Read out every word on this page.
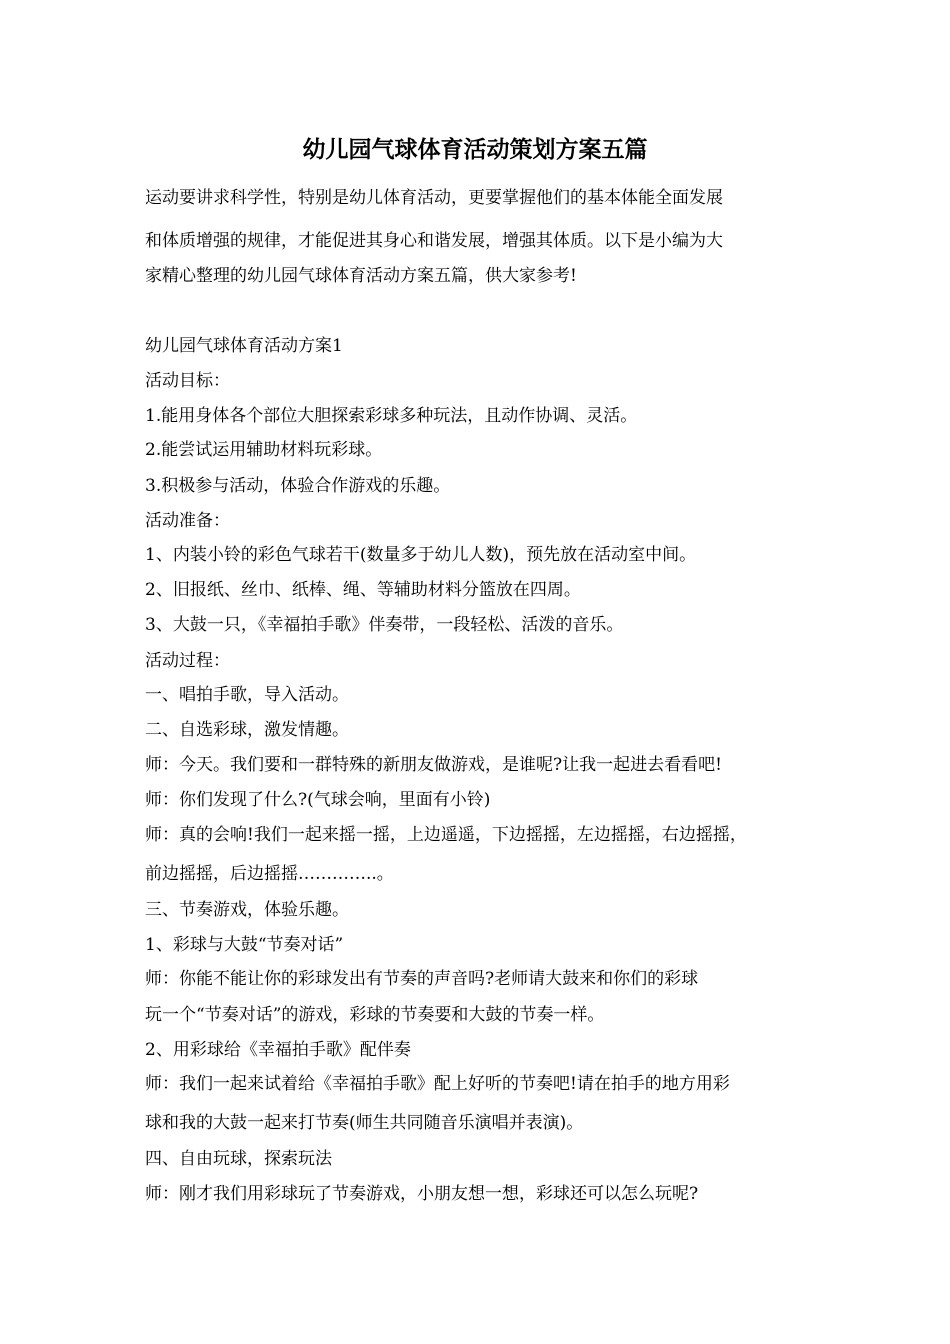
幼儿园气球体育活动策划方案五篇
运动要讲求科学性，特别是幼儿体育活动，更要掌握他们的基本体能全面发展
和体质增强的规律，才能促进其身心和谐发展，增强其体质。以下是小编为大
家精心整理的幼儿园气球体育活动方案五篇，供大家参考!
幼儿园气球体育活动方案1
活动目标：
1.能用身体各个部位大胆探索彩球多种玩法，且动作协调、灵活。
2.能尝试运用辅助材料玩彩球。
3.积极参与活动，体验合作游戏的乐趣。
活动准备：
1、内装小铃的彩色气球若干(数量多于幼儿人数)，预先放在活动室中间。
2、旧报纸、丝巾、纸棒、绳、等辅助材料分篮放在四周。
3、大鼓一只，《幸福拍手歌》伴奏带，一段轻松、活泼的音乐。
活动过程：
一、唱拍手歌，导入活动。
二、自选彩球，激发情趣。
师：今天。我们要和一群特殊的新朋友做游戏，是谁呢?让我一起进去看看吧!
师：你们发现了什么?(气球会响，里面有小铃)
师：真的会响!我们一起来摇一摇，上边遥遥，下边摇摇，左边摇摇，右边摇摇，
前边摇摇，后边摇摇…………..。
三、节奏游戏，体验乐趣。
1、彩球与大鼓“节奏对话”
师：你能不能让你的彩球发出有节奏的声音吗?老师请大鼓来和你们的彩球
玩一个“节奏对话”的游戏，彩球的节奏要和大鼓的节奏一样。
2、用彩球给《幸福拍手歌》配伴奏
师：我们一起来试着给《幸福拍手歌》配上好听的节奏吧!请在拍手的地方用彩
球和我的大鼓一起来打节奏(师生共同随音乐演唱并表演)。
四、自由玩球，探索玩法
师：刚才我们用彩球玩了节奏游戏，小朋友想一想，彩球还可以怎么玩呢?
